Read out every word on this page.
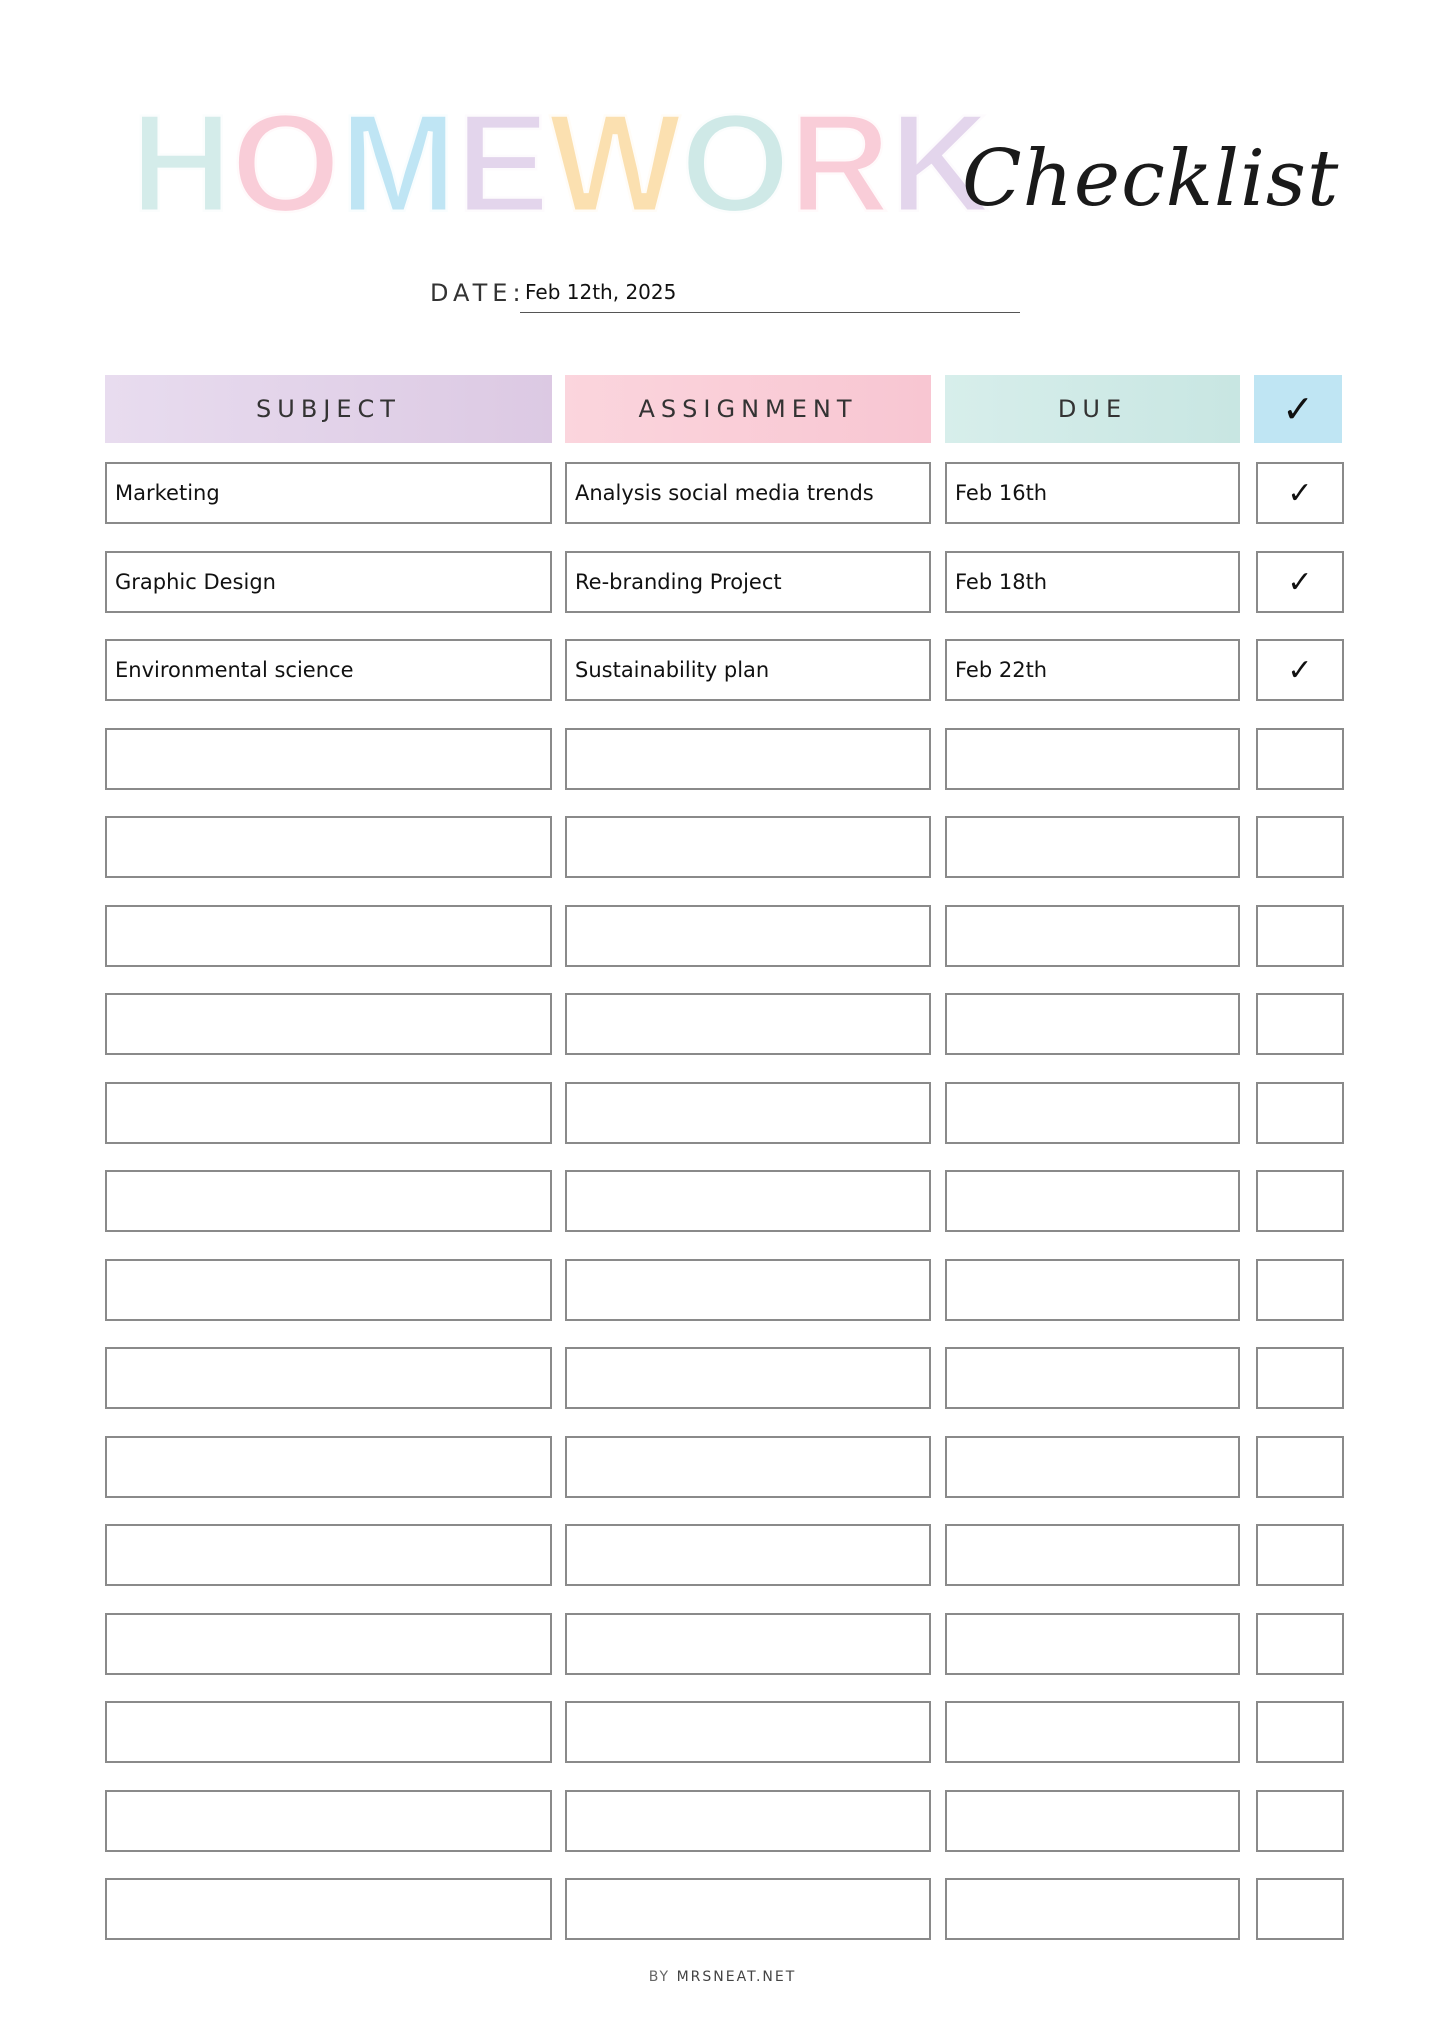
H O M E W O R K
Checklist
DATE: Feb 12th, 2025
SUBJECT	ASSIGNMENT	DUE	✓
Marketing	Analysis social media trends	Feb 16th	✓
Graphic Design	Re-branding Project	Feb 18th	✓
Environmental science	Sustainability plan	Feb 22th	✓
BY MRSNEAT.NET
